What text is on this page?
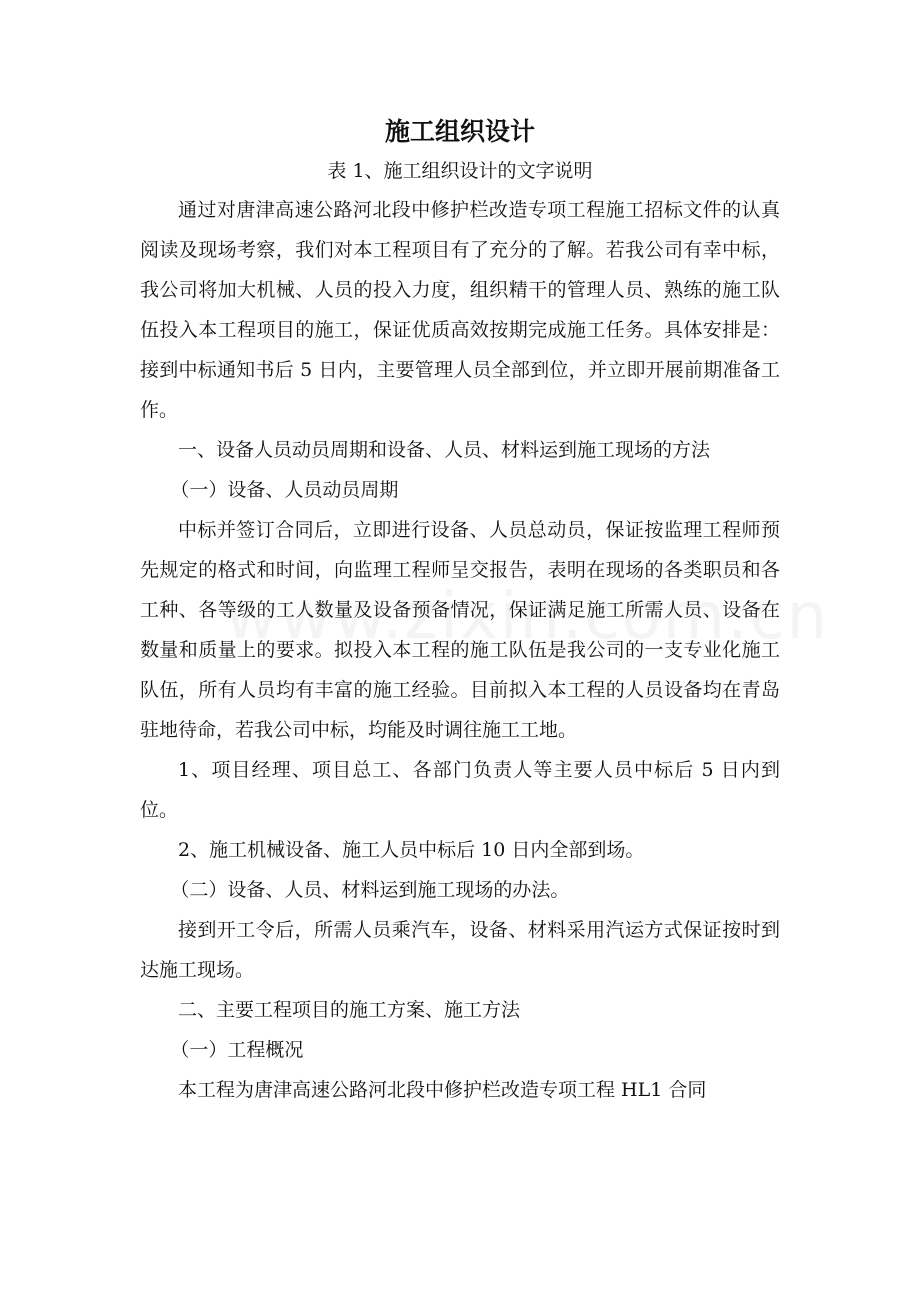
施工组织设计

表 1、施工组织设计的文字说明

通过对唐津高速公路河北段中修护栏改造专项工程施工招标文件的认真阅读及现场考察，我们对本工程项目有了充分的了解。若我公司有幸中标，我公司将加大机械、人员的投入力度，组织精干的管理人员、熟练的施工队伍投入本工程项目的施工，保证优质高效按期完成施工任务。具体安排是：接到中标通知书后 5 日内，主要管理人员全部到位，并立即开展前期准备工作。

一、设备人员动员周期和设备、人员、材料运到施工现场的方法

（一）设备、人员动员周期

中标并签订合同后，立即进行设备、人员总动员，保证按监理工程师预先规定的格式和时间，向监理工程师呈交报告，表明在现场的各类职员和各工种、各等级的工人数量及设备预备情况，保证满足施工所需人员、设备在数量和质量上的要求。拟投入本工程的施工队伍是我公司的一支专业化施工队伍，所有人员均有丰富的施工经验。目前拟入本工程的人员设备均在青岛驻地待命，若我公司中标，均能及时调往施工工地。

1、项目经理、项目总工、各部门负责人等主要人员中标后 5 日内到位。

2、施工机械设备、施工人员中标后 10 日内全部到场。

（二）设备、人员、材料运到施工现场的办法。

接到开工令后，所需人员乘汽车，设备、材料采用汽运方式保证按时到达施工现场。

二、主要工程项目的施工方案、施工方法

（一）工程概况

本工程为唐津高速公路河北段中修护栏改造专项工程 HL1 合同
